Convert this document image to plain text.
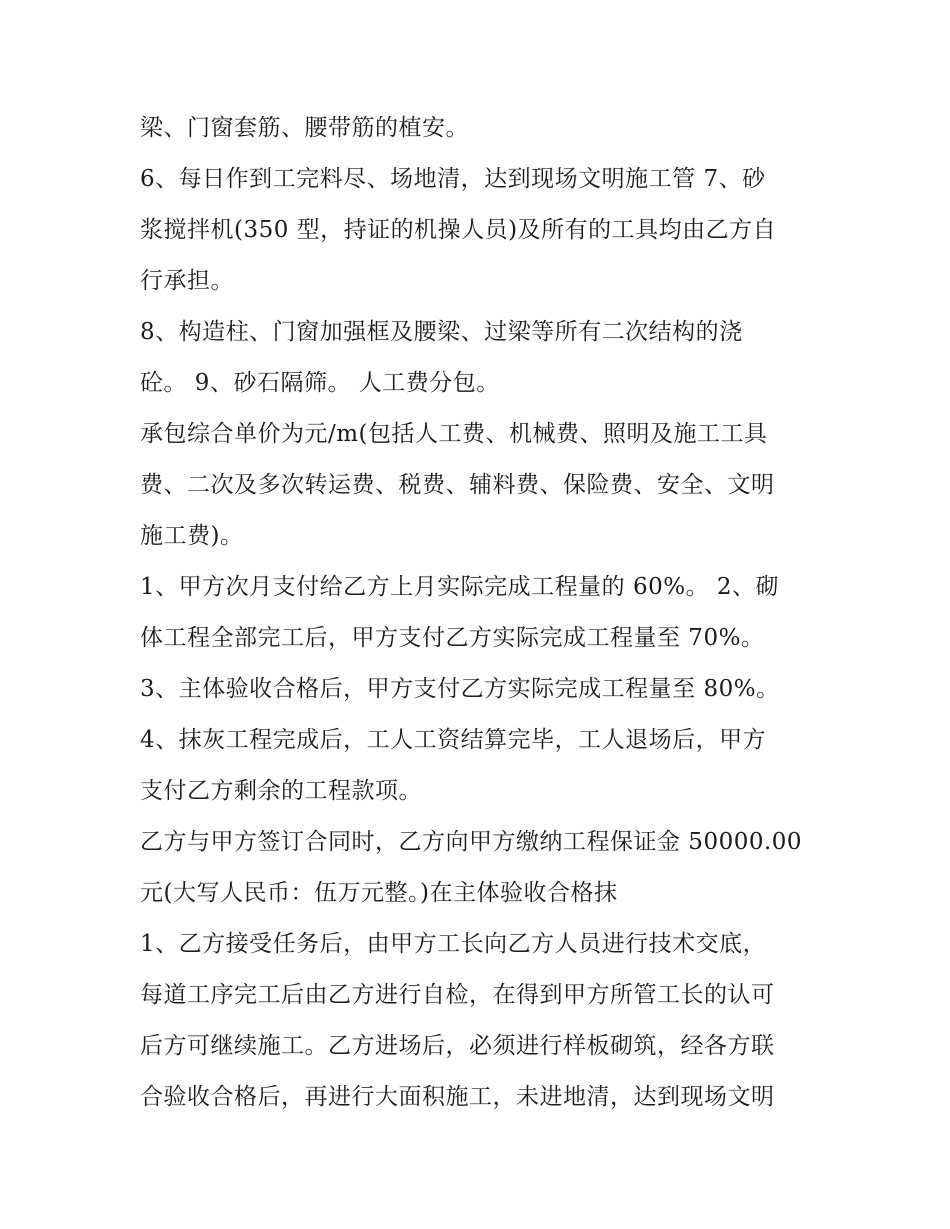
梁、门窗套筋、腰带筋的植安。
6、每日作到工完料尽、场地清，达到现场文明施工管 7、砂
浆搅拌机(350 型，持证的机操人员)及所有的工具均由乙方自
行承担。
8、构造柱、门窗加强框及腰梁、过梁等所有二次结构的浇
砼。 9、砂石隔筛。 人工费分包。
承包综合单价为元/m(包括人工费、机械费、照明及施工工具
费、二次及多次转运费、税费、辅料费、保险费、安全、文明
施工费)。
1、甲方次月支付给乙方上月实际完成工程量的 60%。 2、砌
体工程全部完工后，甲方支付乙方实际完成工程量至 70%。
3、主体验收合格后，甲方支付乙方实际完成工程量至 80%。
4、抹灰工程完成后，工人工资结算完毕，工人退场后，甲方
支付乙方剩余的工程款项。
乙方与甲方签订合同时，乙方向甲方缴纳工程保证金 50000.00
元(大写人民币：伍万元整。)在主体验收合格抹
1、乙方接受任务后，由甲方工长向乙方人员进行技术交底，
每道工序完工后由乙方进行自检，在得到甲方所管工长的认可
后方可继续施工。乙方进场后，必须进行样板砌筑，经各方联
合验收合格后，再进行大面积施工，未进地清，达到现场文明
